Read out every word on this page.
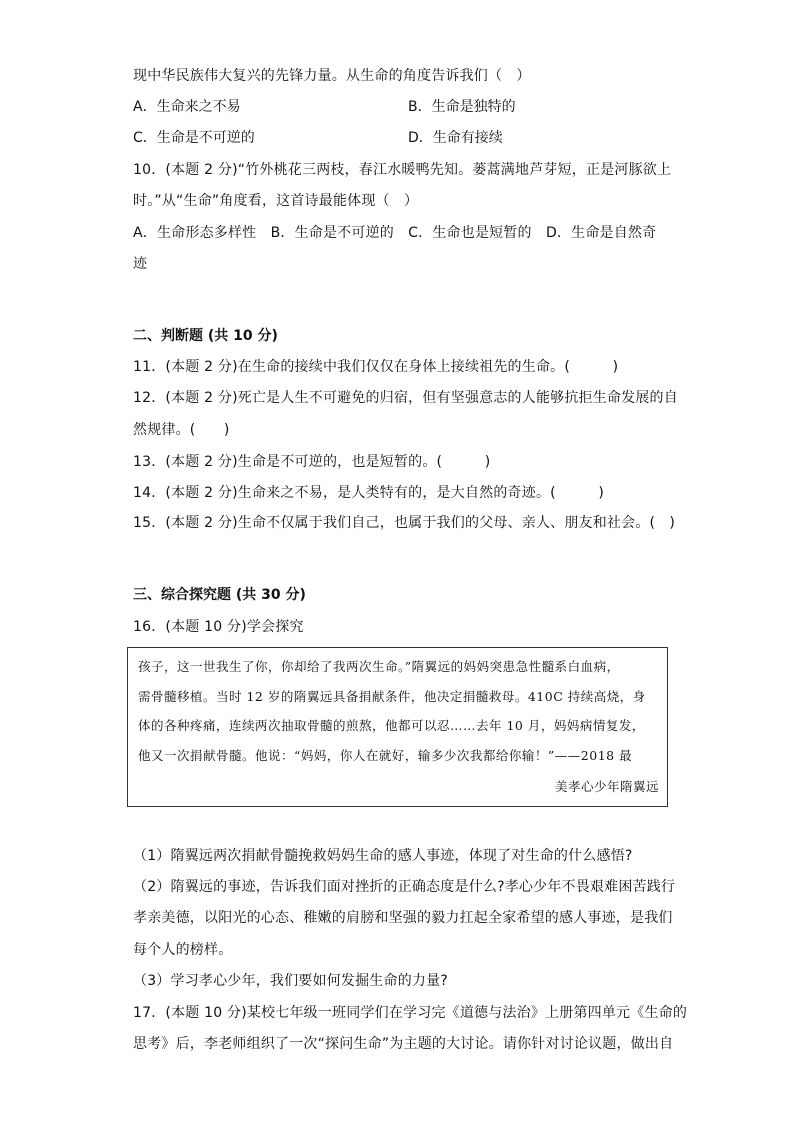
现中华民族伟大复兴的先锋力量。从生命的角度告诉我们（　）
A．生命来之不易	B．生命是独特的
C．生命是不可逆的	D．生命有接续
10．(本题 2 分)“竹外桃花三两枝，春江水暖鸭先知。蒌蒿满地芦芽短，正是河豚欲上
时。”从“生命”角度看，这首诗最能体现（　）
A．生命形态多样性　B．生命是不可逆的　C．生命也是短暂的　D．生命是自然奇
迹
二、判断题 (共 10 分)
11．(本题 2 分)在生命的接续中我们仅仅在身体上接续祖先的生命。(　　　)
12．(本题 2 分)死亡是人生不可避免的归宿，但有坚强意志的人能够抗拒生命发展的自
然规律。(　　)
13．(本题 2 分)生命是不可逆的，也是短暂的。(　　　)
14．(本题 2 分)生命来之不易，是人类特有的，是大自然的奇迹。(　　　)
15．(本题 2 分)生命不仅属于我们自己，也属于我们的父母、亲人、朋友和社会。(　)
三、综合探究题 (共 30 分)
16．(本题 10 分)学会探究
孩子，这一世我生了你，你却给了我两次生命。”隋翼远的妈妈突患急性髓系白血病，
需骨髓移植。当时 12 岁的隋翼远具备捐献条件，他决定捐髓救母。410C 持续高烧，身
体的各种疼痛，连续两次抽取骨髓的煎熬，他都可以忍……去年 10 月，妈妈病情复发，
他又一次捐献骨髓。他说：“妈妈，你人在就好，输多少次我都给你输！”——2018 最
美孝心少年隋翼远
（1）隋翼远两次捐献骨髓挽救妈妈生命的感人事迹，体现了对生命的什么感悟?
（2）隋翼远的事迹，告诉我们面对挫折的正确态度是什么?孝心少年不畏艰难困苦践行
孝亲美德，以阳光的心态、稚嫩的肩膀和坚强的毅力扛起全家希望的感人事迹，是我们
每个人的榜样。
（3）学习孝心少年，我们要如何发掘生命的力量?
17．(本题 10 分)某校七年级一班同学们在学习完《道德与法治》上册第四单元《生命的
思考》后，李老师组织了一次“探问生命”为主题的大讨论。请你针对讨论议题，做出自
